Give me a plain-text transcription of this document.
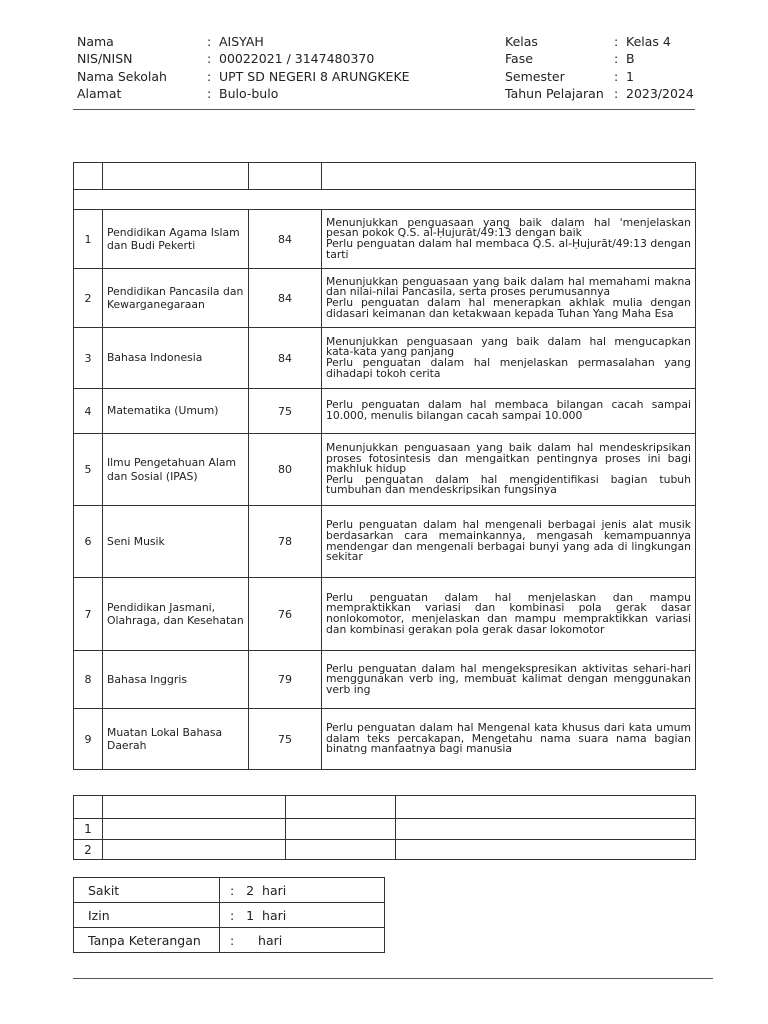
Nama	: AISYAH
NIS/NISN	: 00022021 / 3147480370
Nama Sekolah	: UPT SD NEGERI 8 ARUNGKEKE
Alamat	: Bulo-bulo
Kelas	: Kelas 4
Fase	: B
Semester	: 1
Tahun Pelajaran : 2023/2024

1	Pendidikan Agama Islam dan Budi Pekerti	84	Menunjukkan penguasaan yang baik dalam hal 'menjelaskan pesan pokok Q.S. al-Ḥujurāt/49:13 dengan baik

Perlu penguatan dalam hal membaca Q.S. al-Ḥujurāt/49:13 dengan tarti

2	Pendidikan Pancasila dan Kewarganegaraan	84	Menunjukkan penguasaan yang baik dalam hal memahami makna dan nilai-nilai Pancasila, serta proses perumusannya

Perlu penguatan dalam hal menerapkan akhlak mulia dengan didasari keimanan dan ketakwaan kepada Tuhan Yang Maha Esa

3	Bahasa Indonesia	84	Menunjukkan penguasaan yang baik dalam hal mengucapkan kata-kata yang panjang

Perlu penguatan dalam hal menjelaskan permasalahan yang dihadapi tokoh cerita

4	Matematika (Umum)	75	Perlu penguatan dalam hal membaca bilangan cacah sampai 10.000, menulis bilangan cacah sampai 10.000

5	Ilmu Pengetahuan Alam dan Sosial (IPAS)	80	Menunjukkan penguasaan yang baik dalam hal mendeskripsikan proses fotosintesis dan mengaitkan pentingnya proses ini bagi makhluk hidup

Perlu penguatan dalam hal mengidentifikasi bagian tubuh tumbuhan dan mendeskripsikan fungsinya

6	Seni Musik	78	Perlu penguatan dalam hal mengenali berbagai jenis alat musik berdasarkan cara memainkannya, mengasah kemampuannya mendengar dan mengenali berbagai bunyi yang ada di lingkungan sekitar

7	Pendidikan Jasmani, Olahraga, dan Kesehatan	76	Perlu penguatan dalam hal menjelaskan dan mampu mempraktikkan variasi dan kombinasi pola gerak dasar nonlokomotor, menjelaskan dan mampu mempraktikkan variasi dan kombinasi gerakan pola gerak dasar lokomotor

8	Bahasa Inggris	79	Perlu penguatan dalam hal mengekspresikan aktivitas sehari-hari menggunakan verb ing, membuat kalimat dengan menggunakan verb ing

9	Muatan Lokal Bahasa Daerah	75	Perlu penguatan dalam hal Mengenal kata khusus dari kata umum dalam teks percakapan, Mengetahu nama suara nama bagian binatng manfaatnya bagi manusia

1			
2			
Sakit	: 2  hari
Izin	: 1  hari
Tanpa Keterangan	:      hari
